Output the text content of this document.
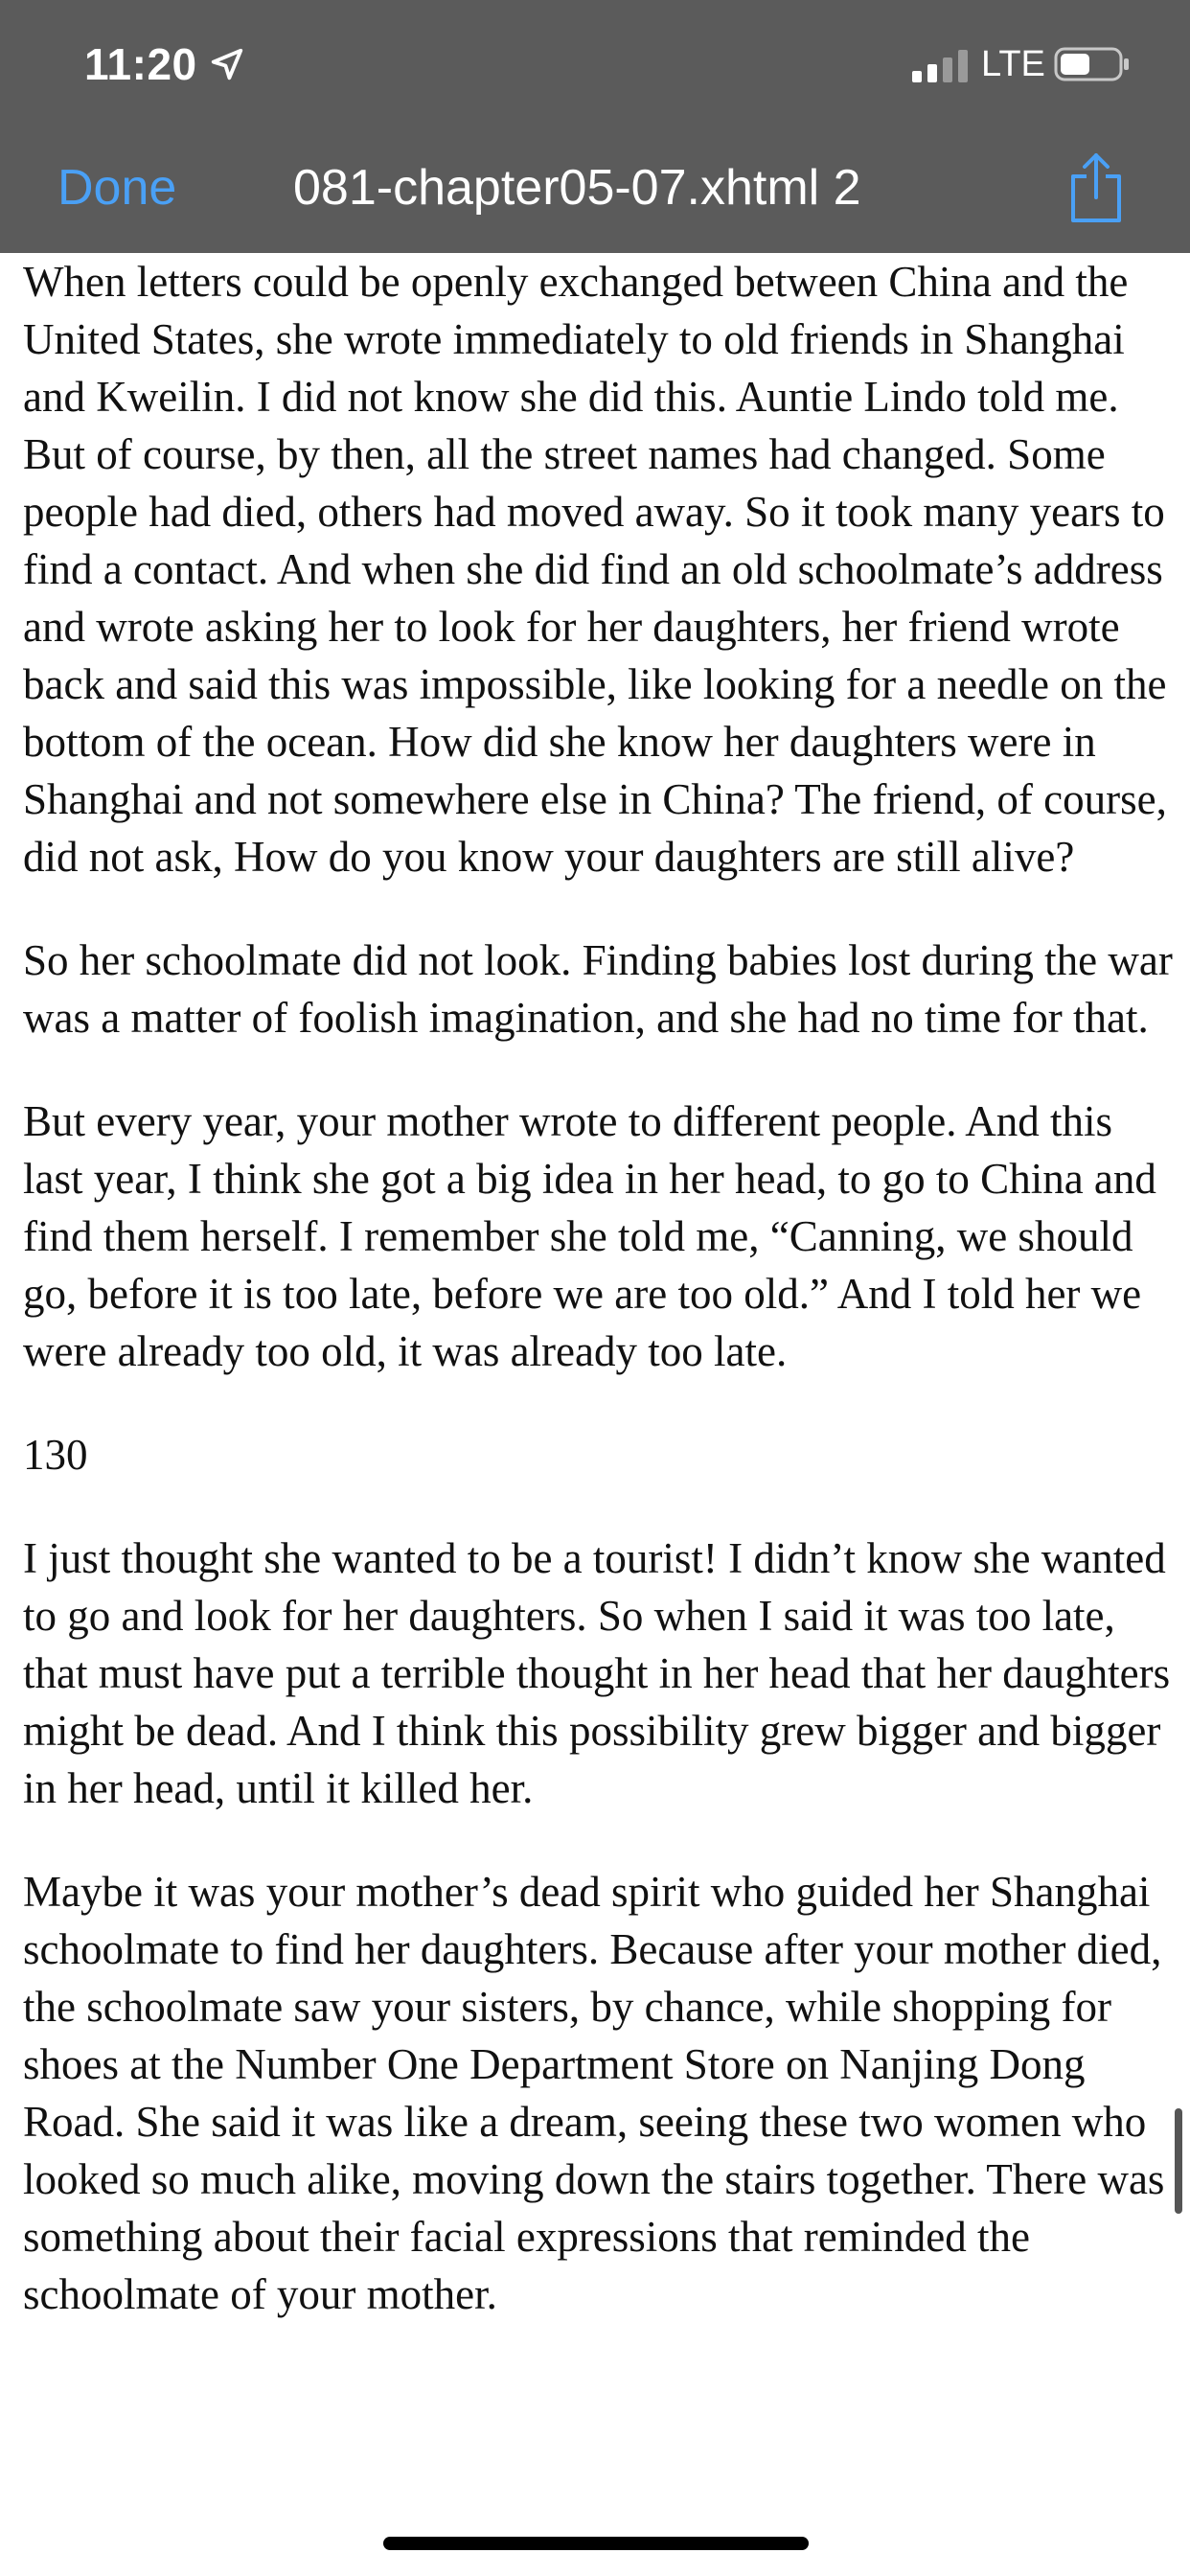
11:20	LTE
Done 081-chapter05-07.xhtml 2

When letters could be openly exchanged between China and the United States, she wrote immediately to old friends in Shanghai and Kweilin. I did not know she did this. Auntie Lindo told me. But of course, by then, all the street names had changed. Some people had died, others had moved away. So it took many years to find a contact. And when she did find an old schoolmate’s address and wrote asking her to look for her daughters, her friend wrote back and said this was impossible, like looking for a needle on the bottom of the ocean. How did she know her daughters were in Shanghai and not somewhere else in China? The friend, of course, did not ask, How do you know your daughters are still alive?

So her schoolmate did not look. Finding babies lost during the war was a matter of foolish imagination, and she had no time for that.

But every year, your mother wrote to different people. And this last year, I think she got a big idea in her head, to go to China and find them herself. I remember she told me, “Canning, we should go, before it is too late, before we are too old.” And I told her we were already too old, it was already too late.

130

I just thought she wanted to be a tourist! I didn’t know she wanted to go and look for her daughters. So when I said it was too late, that must have put a terrible thought in her head that her daughters might be dead. And I think this possibility grew bigger and bigger in her head, until it killed her.

Maybe it was your mother’s dead spirit who guided her Shanghai schoolmate to find her daughters. Because after your mother died, the schoolmate saw your sisters, by chance, while shopping for shoes at the Number One Department Store on Nanjing Dong Road. She said it was like a dream, seeing these two women who looked so much alike, moving down the stairs together. There was something about their facial expressions that reminded the schoolmate of your mother.
